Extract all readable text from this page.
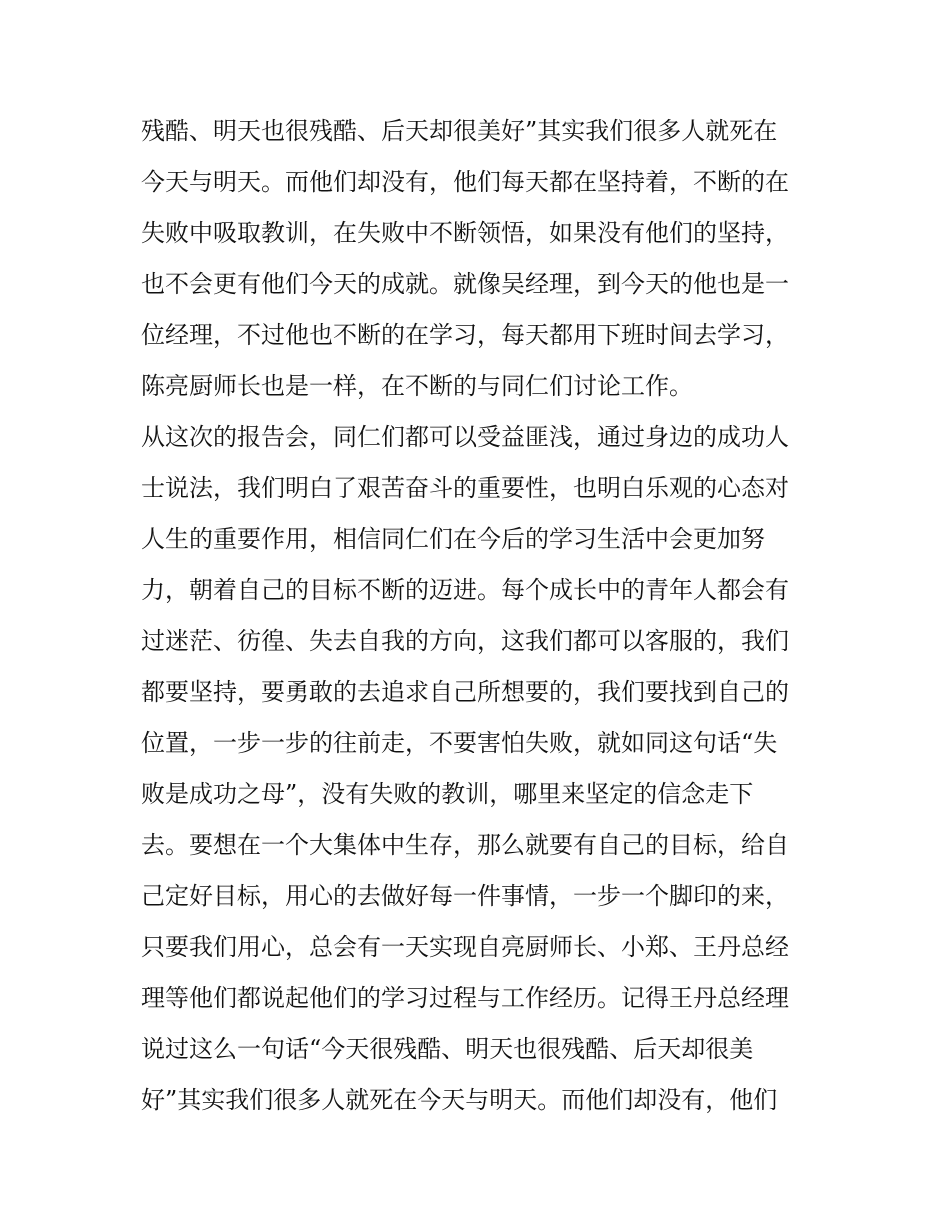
残酷、明天也很残酷、后天却很美好”其实我们很多人就死在
今天与明天。而他们却没有，他们每天都在坚持着，不断的在
失败中吸取教训，在失败中不断领悟，如果没有他们的坚持，
也不会更有他们今天的成就。就像吴经理，到今天的他也是一
位经理，不过他也不断的在学习，每天都用下班时间去学习，
陈亮厨师长也是一样，在不断的与同仁们讨论工作。
从这次的报告会，同仁们都可以受益匪浅，通过身边的成功人
士说法，我们明白了艰苦奋斗的重要性，也明白乐观的心态对
人生的重要作用，相信同仁们在今后的学习生活中会更加努
力，朝着自己的目标不断的迈进。每个成长中的青年人都会有
过迷茫、彷徨、失去自我的方向，这我们都可以客服的，我们
都要坚持，要勇敢的去追求自己所想要的，我们要找到自己的
位置，一步一步的往前走，不要害怕失败，就如同这句话“失
败是成功之母”，没有失败的教训，哪里来坚定的信念走下
去。要想在一个大集体中生存，那么就要有自己的目标，给自
己定好目标，用心的去做好每一件事情，一步一个脚印的来，
只要我们用心，总会有一天实现自亮厨师长、小郑、王丹总经
理等他们都说起他们的学习过程与工作经历。记得王丹总经理
说过这么一句话“今天很残酷、明天也很残酷、后天却很美
好”其实我们很多人就死在今天与明天。而他们却没有，他们
